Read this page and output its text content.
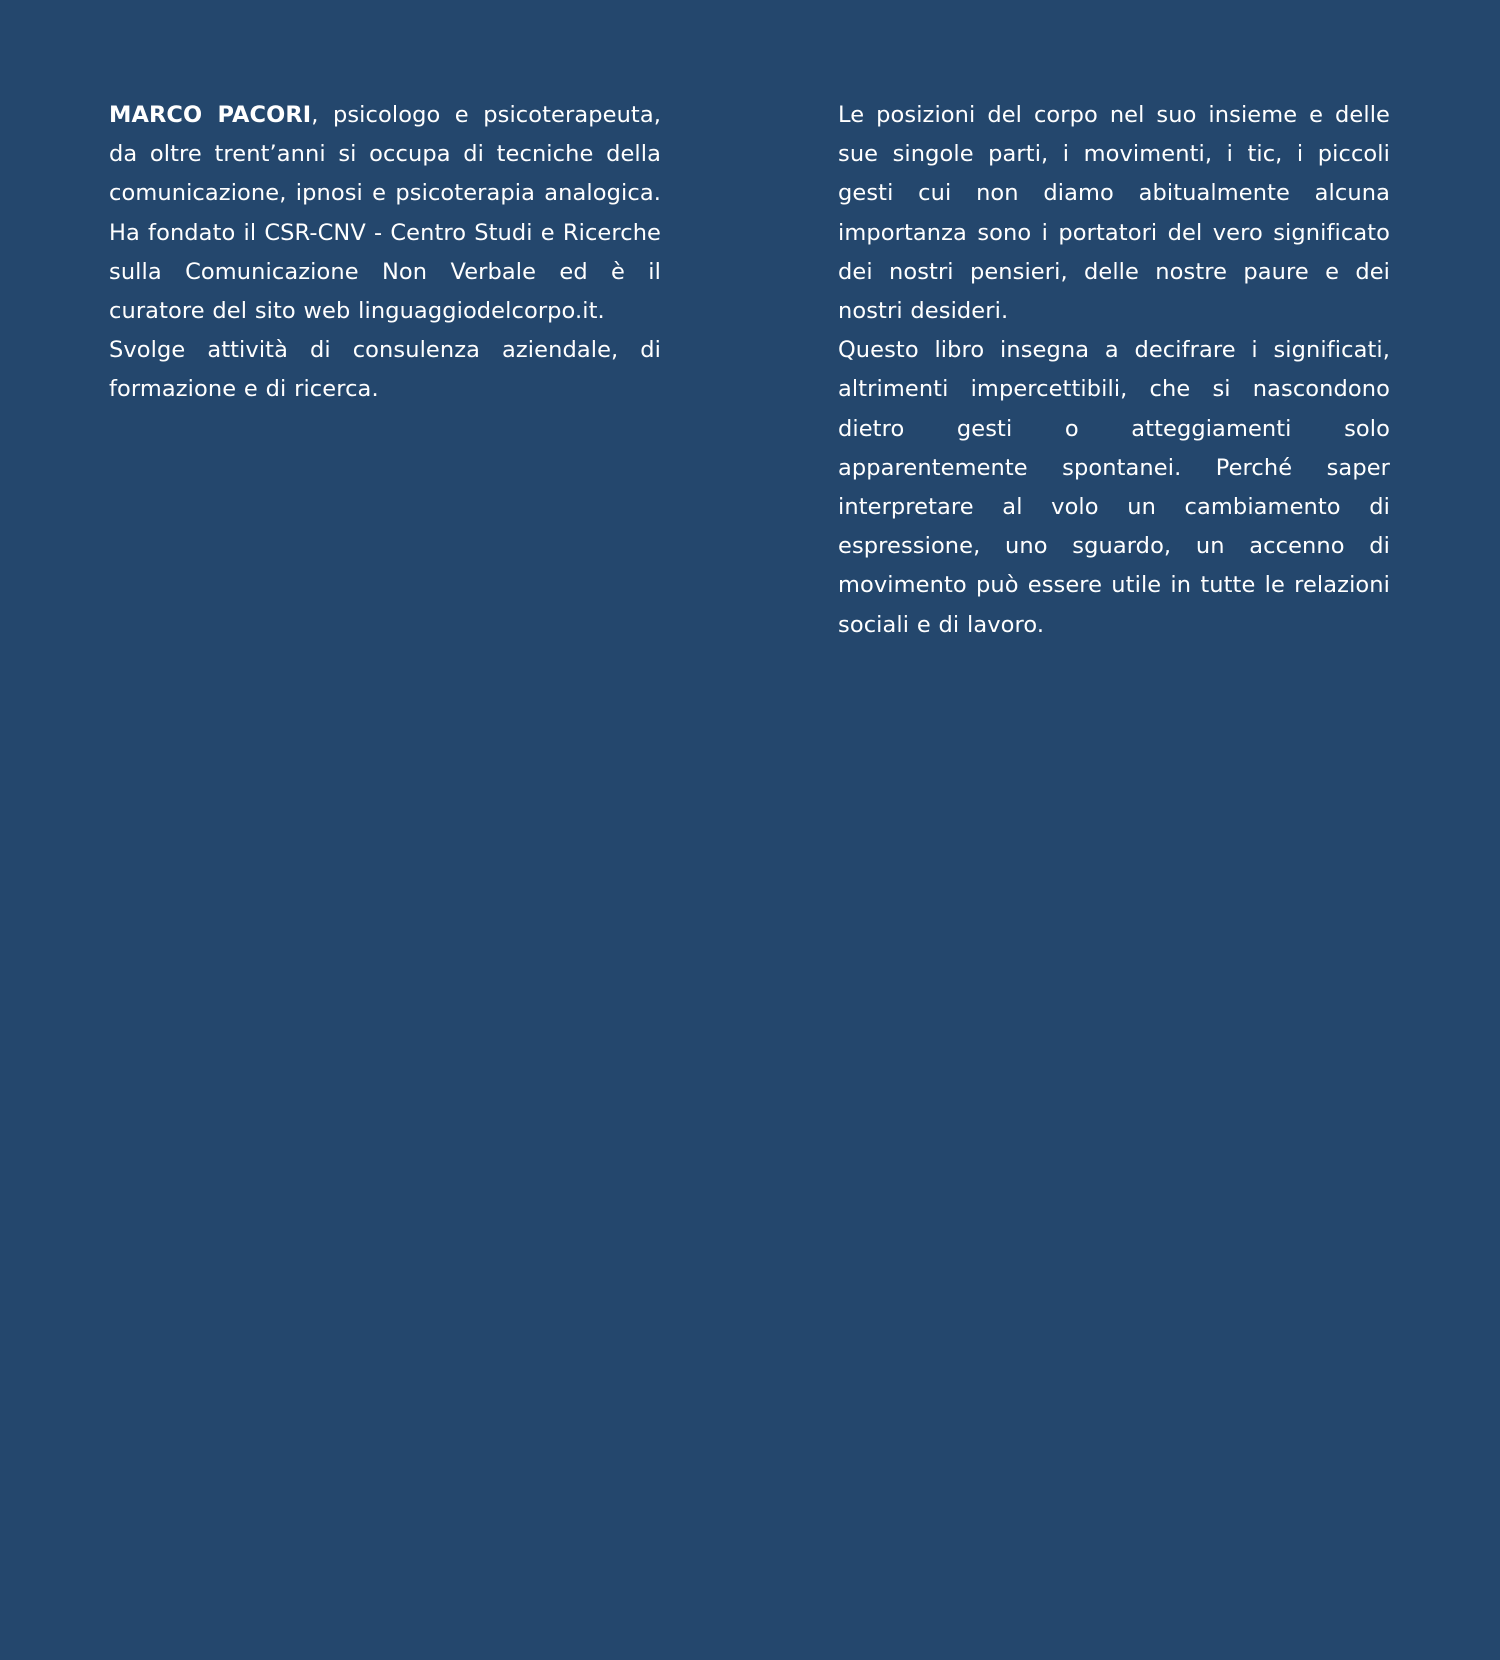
MARCO PACORI, psicologo e psicoterapeuta, da oltre trent’anni si occupa di tecniche della comunicazione, ipnosi e psicoterapia analogica. Ha fondato il CSR-CNV - Centro Studi e Ricerche sulla Comunicazione Non Verbale ed è il curatore del sito web linguaggiodelcorpo.it.

Svolge attività di consulenza aziendale, di formazione e di ricerca.

Le posizioni del corpo nel suo insieme e delle sue singole parti, i movimenti, i tic, i piccoli gesti cui non diamo abitualmente alcuna importanza sono i portatori del vero significato dei nostri pensieri, delle nostre paure e dei nostri desideri.

Questo libro insegna a decifrare i significati, altrimenti impercettibili, che si nascondono dietro gesti o atteggiamenti solo apparentemente spontanei. Perché saper interpretare al volo un cambiamento di espressione, uno sguardo, un accenno di movimento può essere utile in tutte le relazioni sociali e di lavoro.
